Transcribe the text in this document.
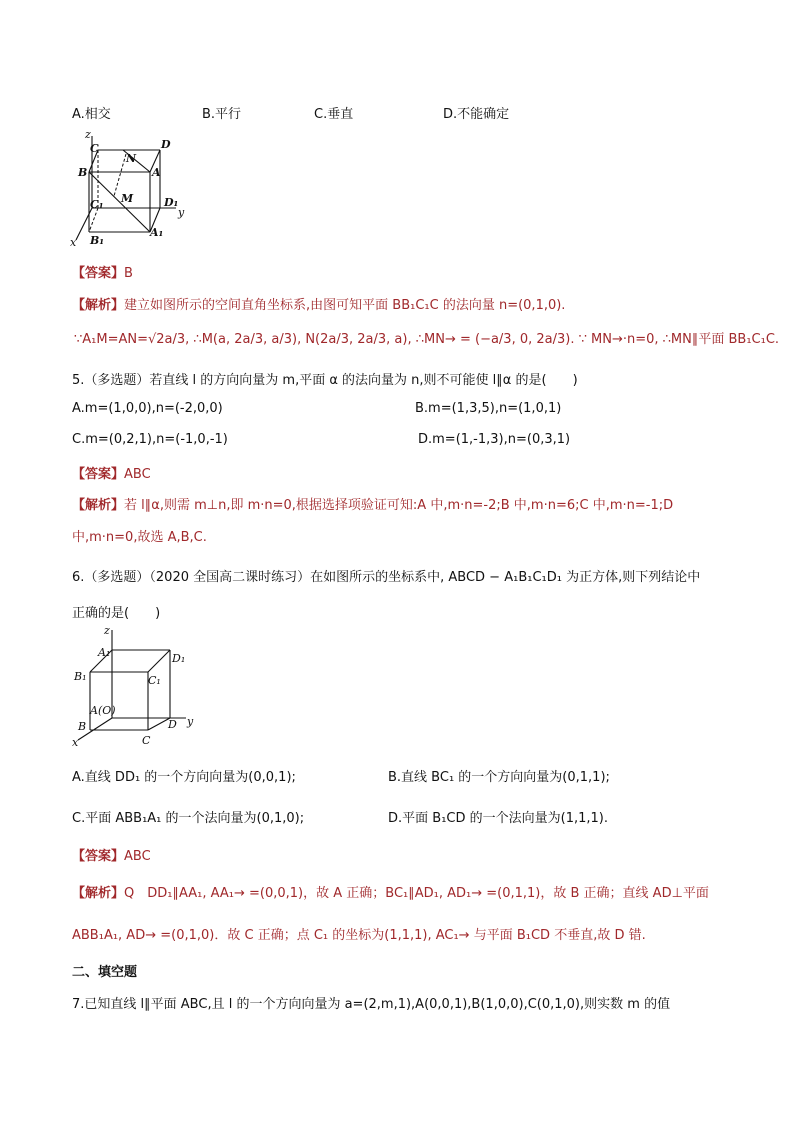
A.相交	B.平行	C.垂直	D.不能确定
z
y
x
C
N
D
B	A
M
C₁	D₁
B₁
A₁
【答案】B
【解析】建立如图所示的空间直角坐标系,由图可知平面 BB₁C₁C 的法向量 n=(0,1,0).
∵A₁M=AN=√2a/3, ∴M(a, 2a/3, a/3), N(2a/3, 2a/3, a), ∴MN→ = (−a/3, 0, 2a/3). ∵ MN→·n=0, ∴MN∥平面 BB₁C₁C.
5.（多选题）若直线 l 的方向向量为 m,平面 α 的法向量为 n,则不可能使 l∥α 的是(　　)
A.m=(1,0,0),n=(-2,0,0)	B.m=(1,3,5),n=(1,0,1)
C.m=(0,2,1),n=(-1,0,-1)	D.m=(1,-1,3),n=(0,3,1)
【答案】ABC
【解析】若 l∥α,则需 m⊥n,即 m·n=0,根据选择项验证可知:A 中,m·n=-2;B 中,m·n=6;C 中,m·n=-1;D
中,m·n=0,故选 A,B,C.
6.（多选题）（2020 全国高二课时练习）在如图所示的坐标系中, ABCD − A₁B₁C₁D₁ 为正方体,则下列结论中
正确的是(　　)
z
y
x
A₁	D₁
B₁	C₁
A(O)
B
C
D
A.直线 DD₁ 的一个方向向量为(0,0,1);	B.直线 BC₁ 的一个方向向量为(0,1,1);
C.平面 ABB₁A₁ 的一个法向量为(0,1,0);	D.平面 B₁CD 的一个法向量为(1,1,1).
【答案】ABC
【解析】Q　DD₁∥AA₁, AA₁→ =(0,0,1)，故 A 正确；BC₁∥AD₁, AD₁→ =(0,1,1)，故 B 正确；直线 AD⊥平面
ABB₁A₁, AD→ =(0,1,0)．故 C 正确；点 C₁ 的坐标为(1,1,1), AC₁→ 与平面 B₁CD 不垂直,故 D 错.
二、填空题
7.已知直线 l∥平面 ABC,且 l 的一个方向向量为 a=(2,m,1),A(0,0,1),B(1,0,0),C(0,1,0),则实数 m 的值
